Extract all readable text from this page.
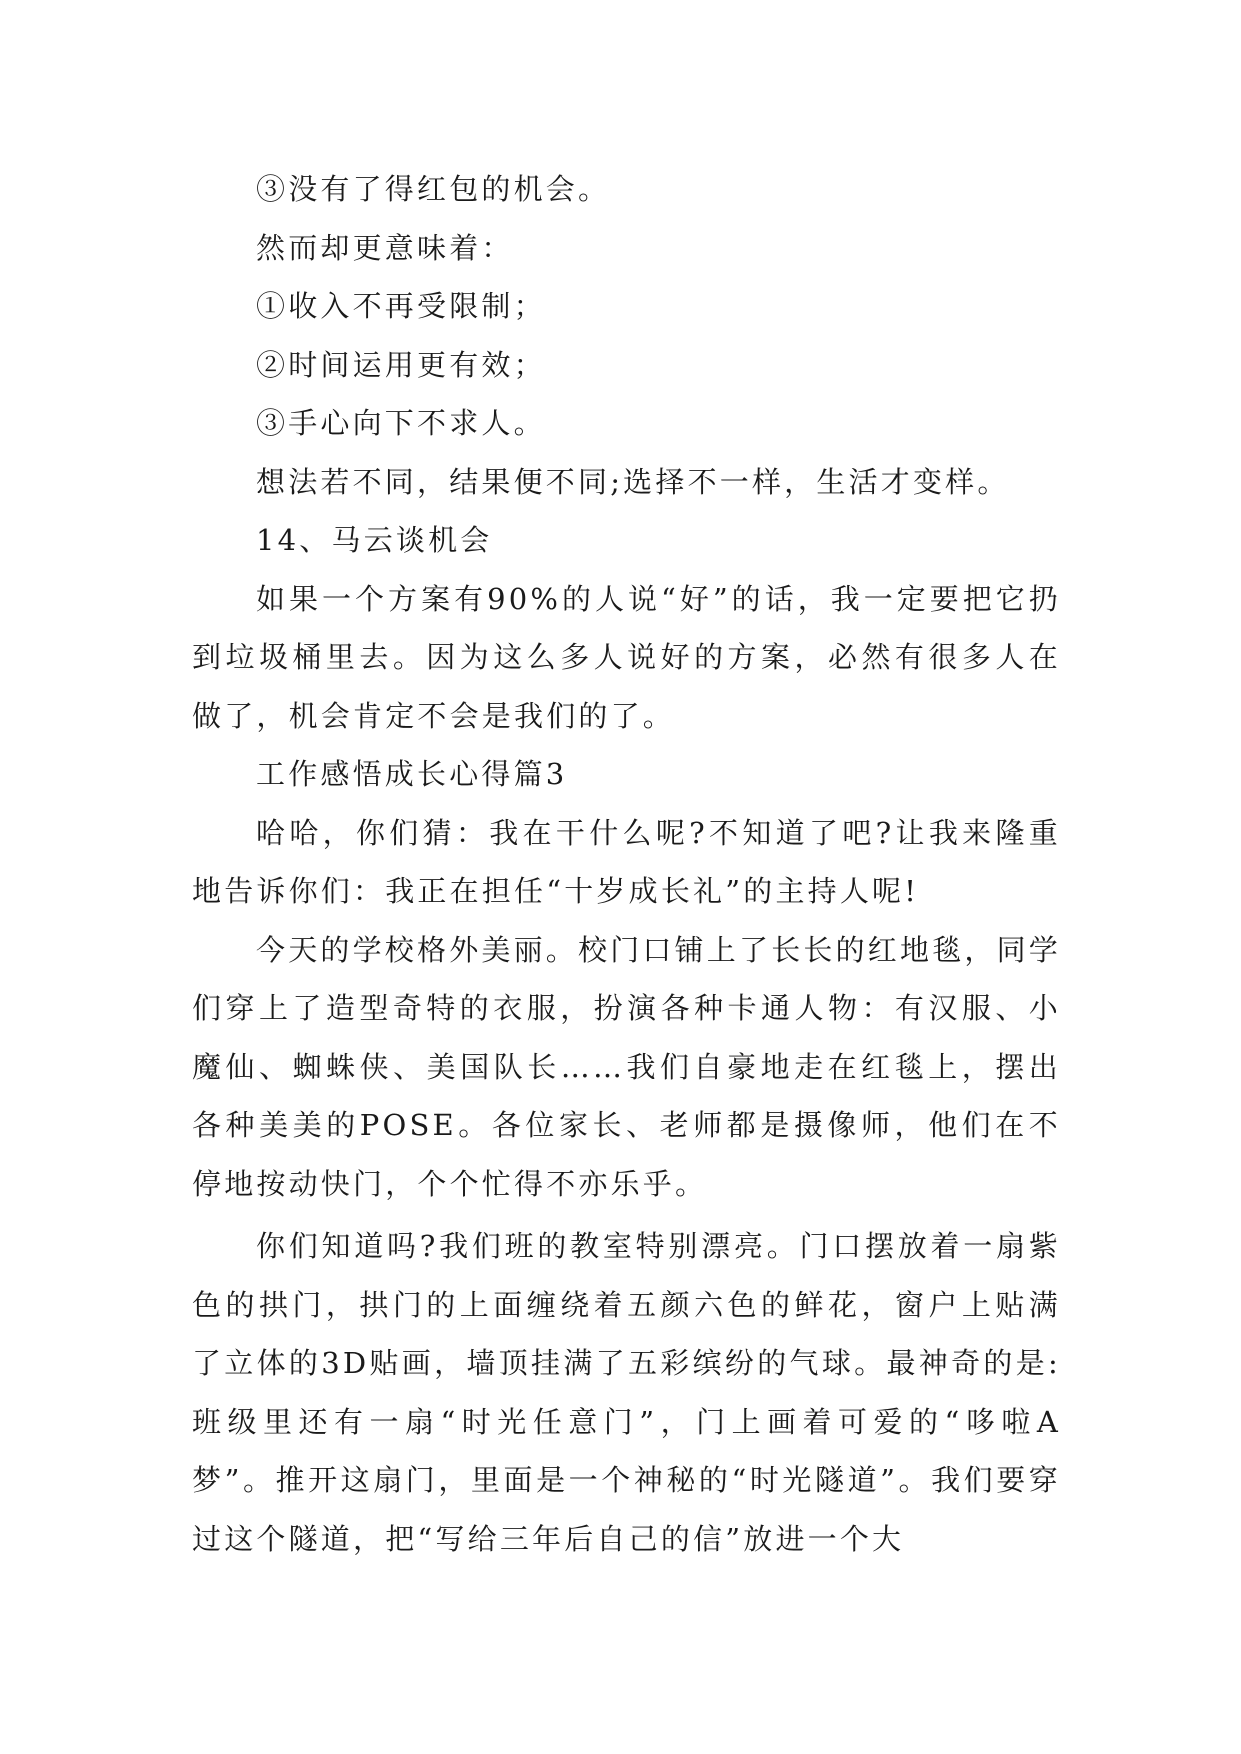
③没有了得红包的机会。

然而却更意味着：

①收入不再受限制；

②时间运用更有效；

③手心向下不求人。

想法若不同，结果便不同;选择不一样，生活才变样。

14、马云谈机会

如果一个方案有90%的人说“好”的话，我一定要把它扔到垃圾桶里去。因为这么多人说好的方案，必然有很多人在做了，机会肯定不会是我们的了。

工作感悟成长心得篇3

哈哈，你们猜：我在干什么呢?不知道了吧?让我来隆重地告诉你们：我正在担任“十岁成长礼”的主持人呢!

今天的学校格外美丽。校门口铺上了长长的红地毯，同学们穿上了造型奇特的衣服，扮演各种卡通人物：有汉服、小魔仙、蜘蛛侠、美国队长……我们自豪地走在红毯上，摆出各种美美的POSE。各位家长、老师都是摄像师，他们在不停地按动快门，个个忙得不亦乐乎。

你们知道吗?我们班的教室特别漂亮。门口摆放着一扇紫色的拱门，拱门的上面缠绕着五颜六色的鲜花，窗户上贴满了立体的3D贴画，墙顶挂满了五彩缤纷的气球。最神奇的是:班级里还有一扇“时光任意门”，门上画着可爱的“哆啦A梦”。推开这扇门，里面是一个神秘的“时光隧道”。我们要穿过这个隧道，把“写给三年后自己的信”放进一个大
